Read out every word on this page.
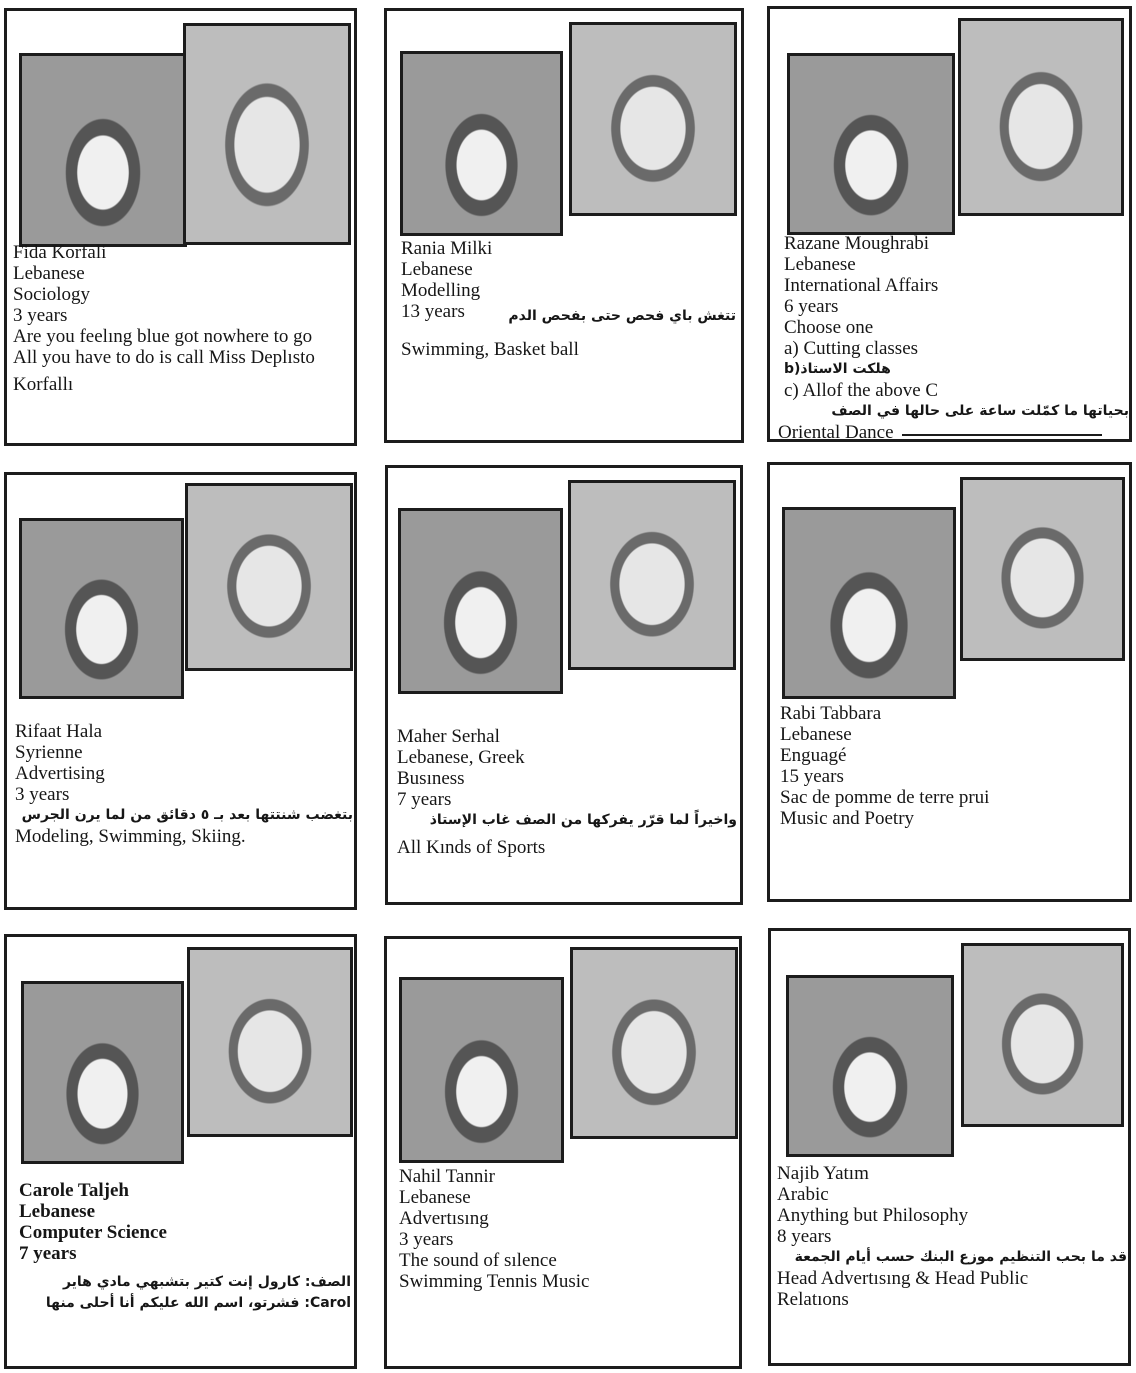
Fida Korfali
Lebanese
Sociology
3 years
Are you feelıng blue got nowhere to go
All you have to do is call Miss Deplısto
Korfallı
Rania Milki
Lebanese
Modelling
13 years	تتغش باي فحص حتى بفحص الدم
Swimming, Basket ball
Razane Moughrabi
Lebanese
International Affairs
6 years
Choose one
a) Cutting classes
b)هلكت الاستاذ
c) Allof the above C
بحياتها ما كمّلت ساعة على حالها في الصف
Oriental Dance
Rifaat Hala
Syrienne
Advertising
3 years
بتغضب شنتتها بعد بـ ٥ دقائق من لما يرن الجرس
Modeling, Swimming, Skiing.
Maher Serhal
Lebanese, Greek
Busıness
7 years
واخيراً لما قرّر يفركها من الصف غاب الإستاذ
All Kınds of Sports
Rabi Tabbara
Lebanese
Enguagé
15 years
Sac de pomme de terre prui
Music and Poetry
Carole Taljeh
Lebanese
Computer Science
7 years
الصف: كارول إنت كتير بتشبهي مادي هاير
Carol: فشرتو، اسم الله عليكم أنا أحلى منها
Nahil Tannir
Lebanese
Advertısıng
3 years
The sound of sılence
Swimming Tennis Music
Najib Yatım
Arabic
Anything but Philosophy
8 years
قد ما بحب التنظيم موزع البنك حسب أيام الجمعة
Head Advertısıng & Head Public
Relatıons
